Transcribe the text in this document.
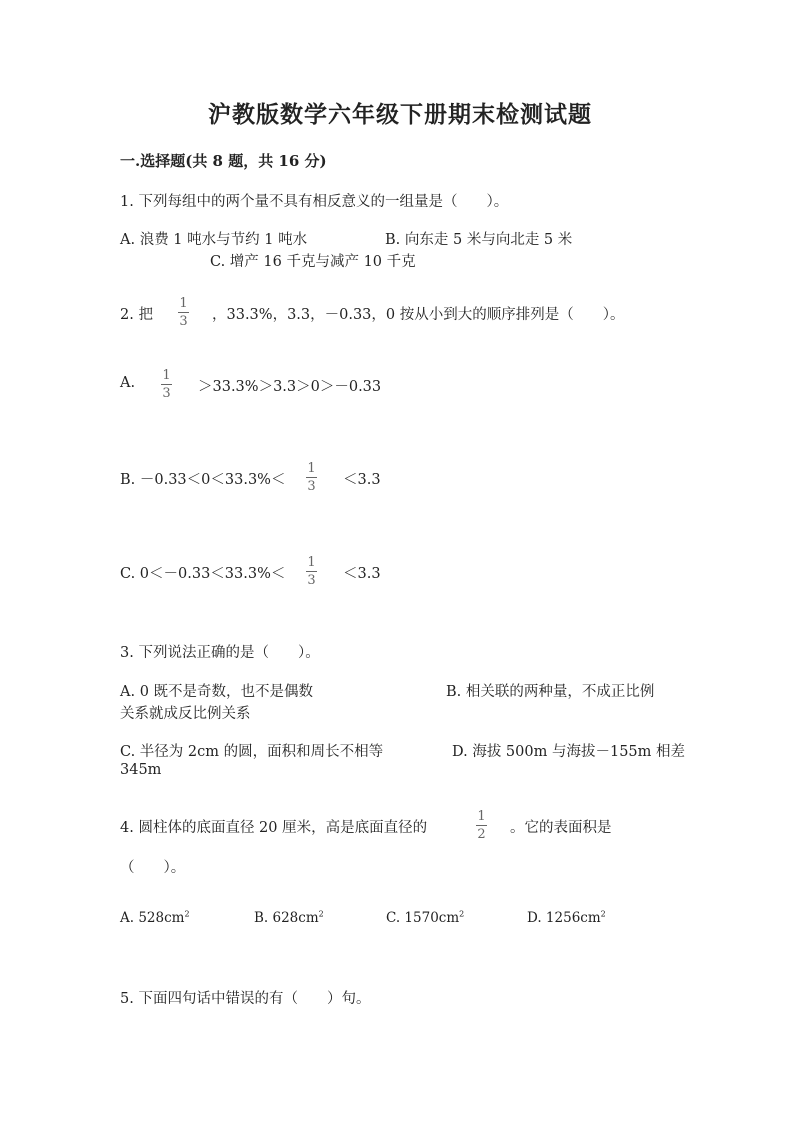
沪教版数学六年级下册期末检测试题
一.选择题(共 8 题，共 16 分)
1. 下列每组中的两个量不具有相反意义的一组量是（　　）。
A. 浪费 1 吨水与节约 1 吨水	B. 向东走 5 米与向北走 5 米
C. 增产 16 千克与减产 10 千克
2. 把
1
3 ，33.3%，3.3，－0.33，0 按从小到大的顺序排列是（　　）。
A. 1
3 ＞33.3%＞3.3＞0＞－0.33
B. －0.33＜0＜33.3%＜
1
3 ＜3.3
C. 0＜－0.33＜33.3%＜
1
3 ＜3.3
3. 下列说法正确的是（　　）。
A. 0 既不是奇数，也不是偶数	B. 相关联的两种量，不成正比例
关系就成反比例关系
C. 半径为 2cm 的圆，面积和周长不相等	D. 海拔 500m 与海拔－155m 相差
345m
4. 圆柱体的底面直径 20 厘米，高是底面直径的
1
2 。它的表面积是
（　　）。
A. $528cm^2$	B. $628cm^2$	C. $1570cm^2$	D. $1256cm^2$
5. 下面四句话中错误的有（　　）句。
